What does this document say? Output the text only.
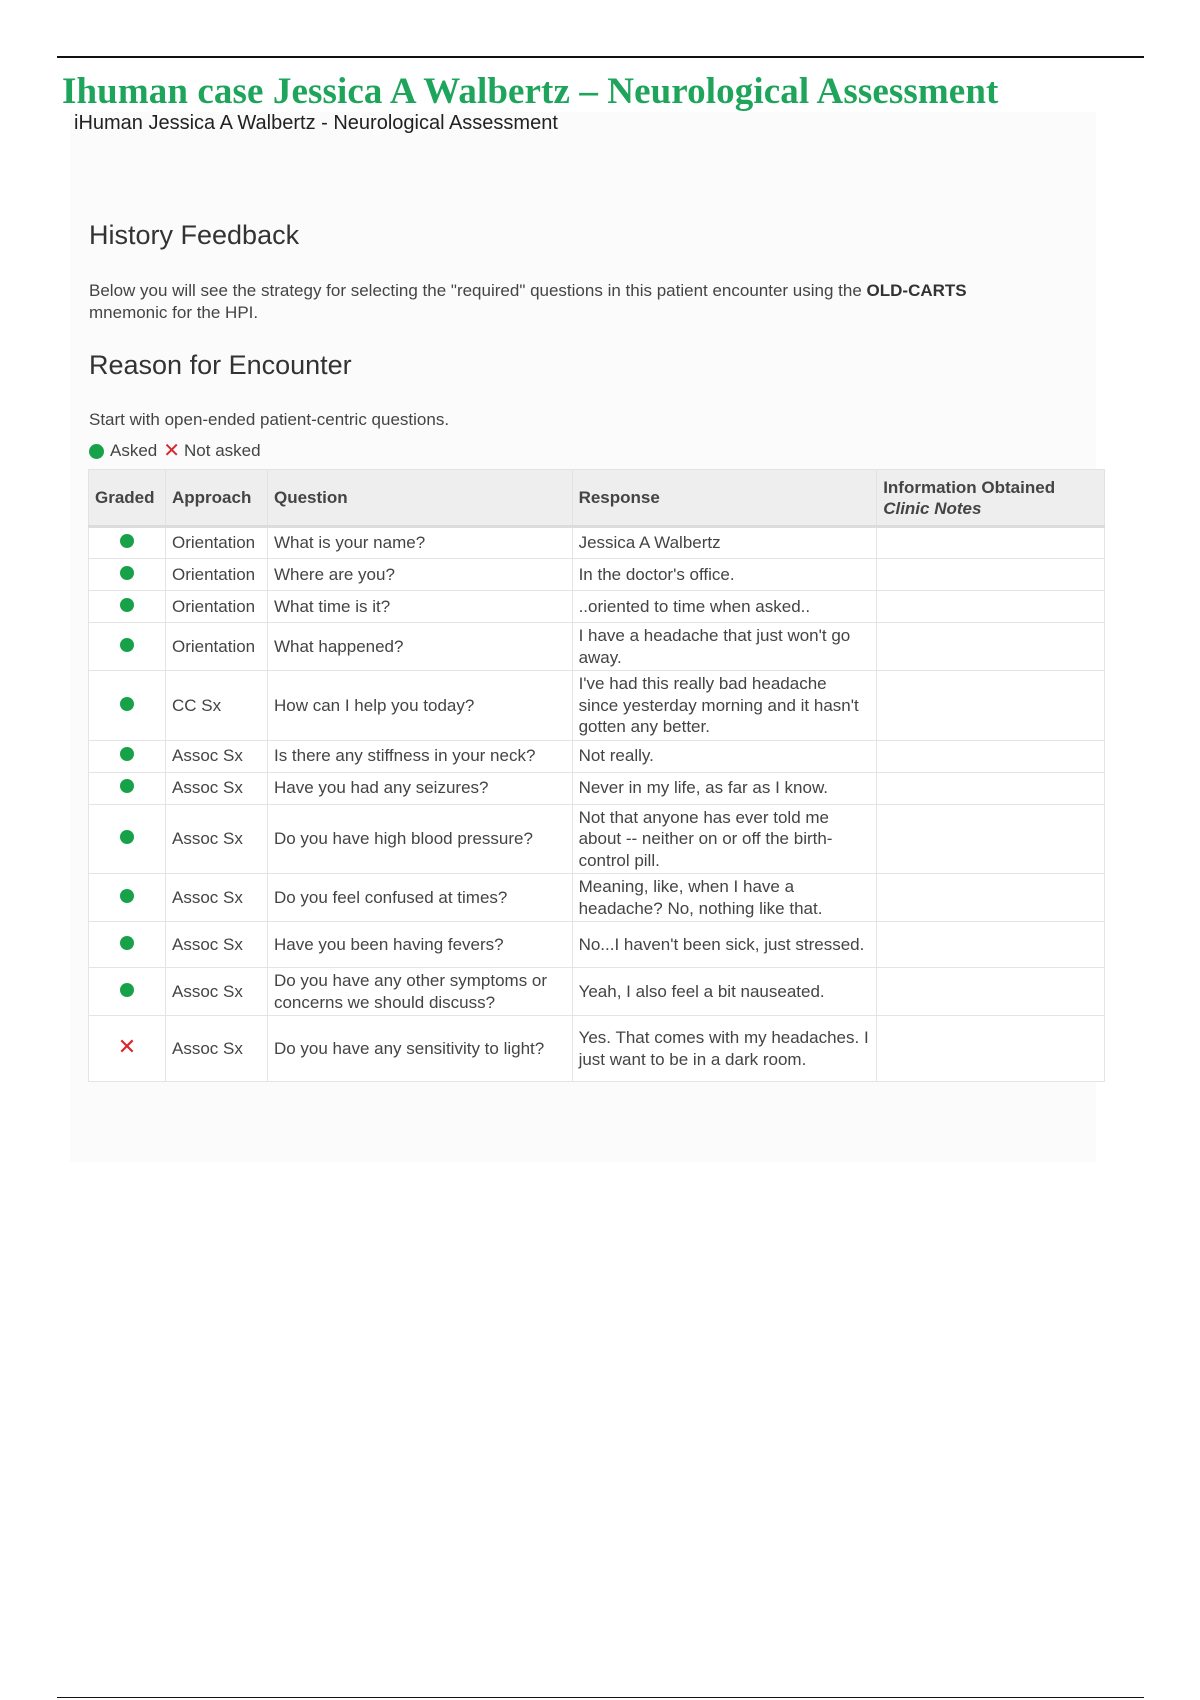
Ihuman case Jessica A Walbertz – Neurological Assessment
History Feedback

Below you will see the strategy for selecting the "required" questions in this patient encounter using the OLD-CARTS mnemonic for the HPI.

Reason for Encounter
Start with open-ended patient-centric questions.
Asked ✕ Not asked
Graded	Approach	Question	Response	Information Obtained
Clinic Notes

	Orientation	What is your name?	Jessica A Walbertz	
	Orientation	Where are you?	In the doctor's office.	
	Orientation	What time is it?	..oriented to time when asked..	
	Orientation	What happened?	I have a headache that just won't go away.	
	CC Sx	How can I help you today?	I've had this really bad headache since yesterday morning and it hasn't gotten any better.	
	Assoc Sx	Is there any stiffness in your neck?	Not really.	
	Assoc Sx	Have you had any seizures?	Never in my life, as far as I know.	
	Assoc Sx	Do you have high blood pressure?	Not that anyone has ever told me about -- neither on or off the birth-control pill.	
	Assoc Sx	Do you feel confused at times?	Meaning, like, when I have a headache? No, nothing like that.	
	Assoc Sx	Have you been having fevers?	No...I haven't been sick, just stressed.	
	Assoc Sx	Do you have any other symptoms or concerns we should discuss?	Yeah, I also feel a bit nauseated.	
✕	Assoc Sx	Do you have any sensitivity to light?	Yes. That comes with my headaches. I just want to be in a dark room.	
iHuman Jessica A Walbertz - Neurological Assessment
